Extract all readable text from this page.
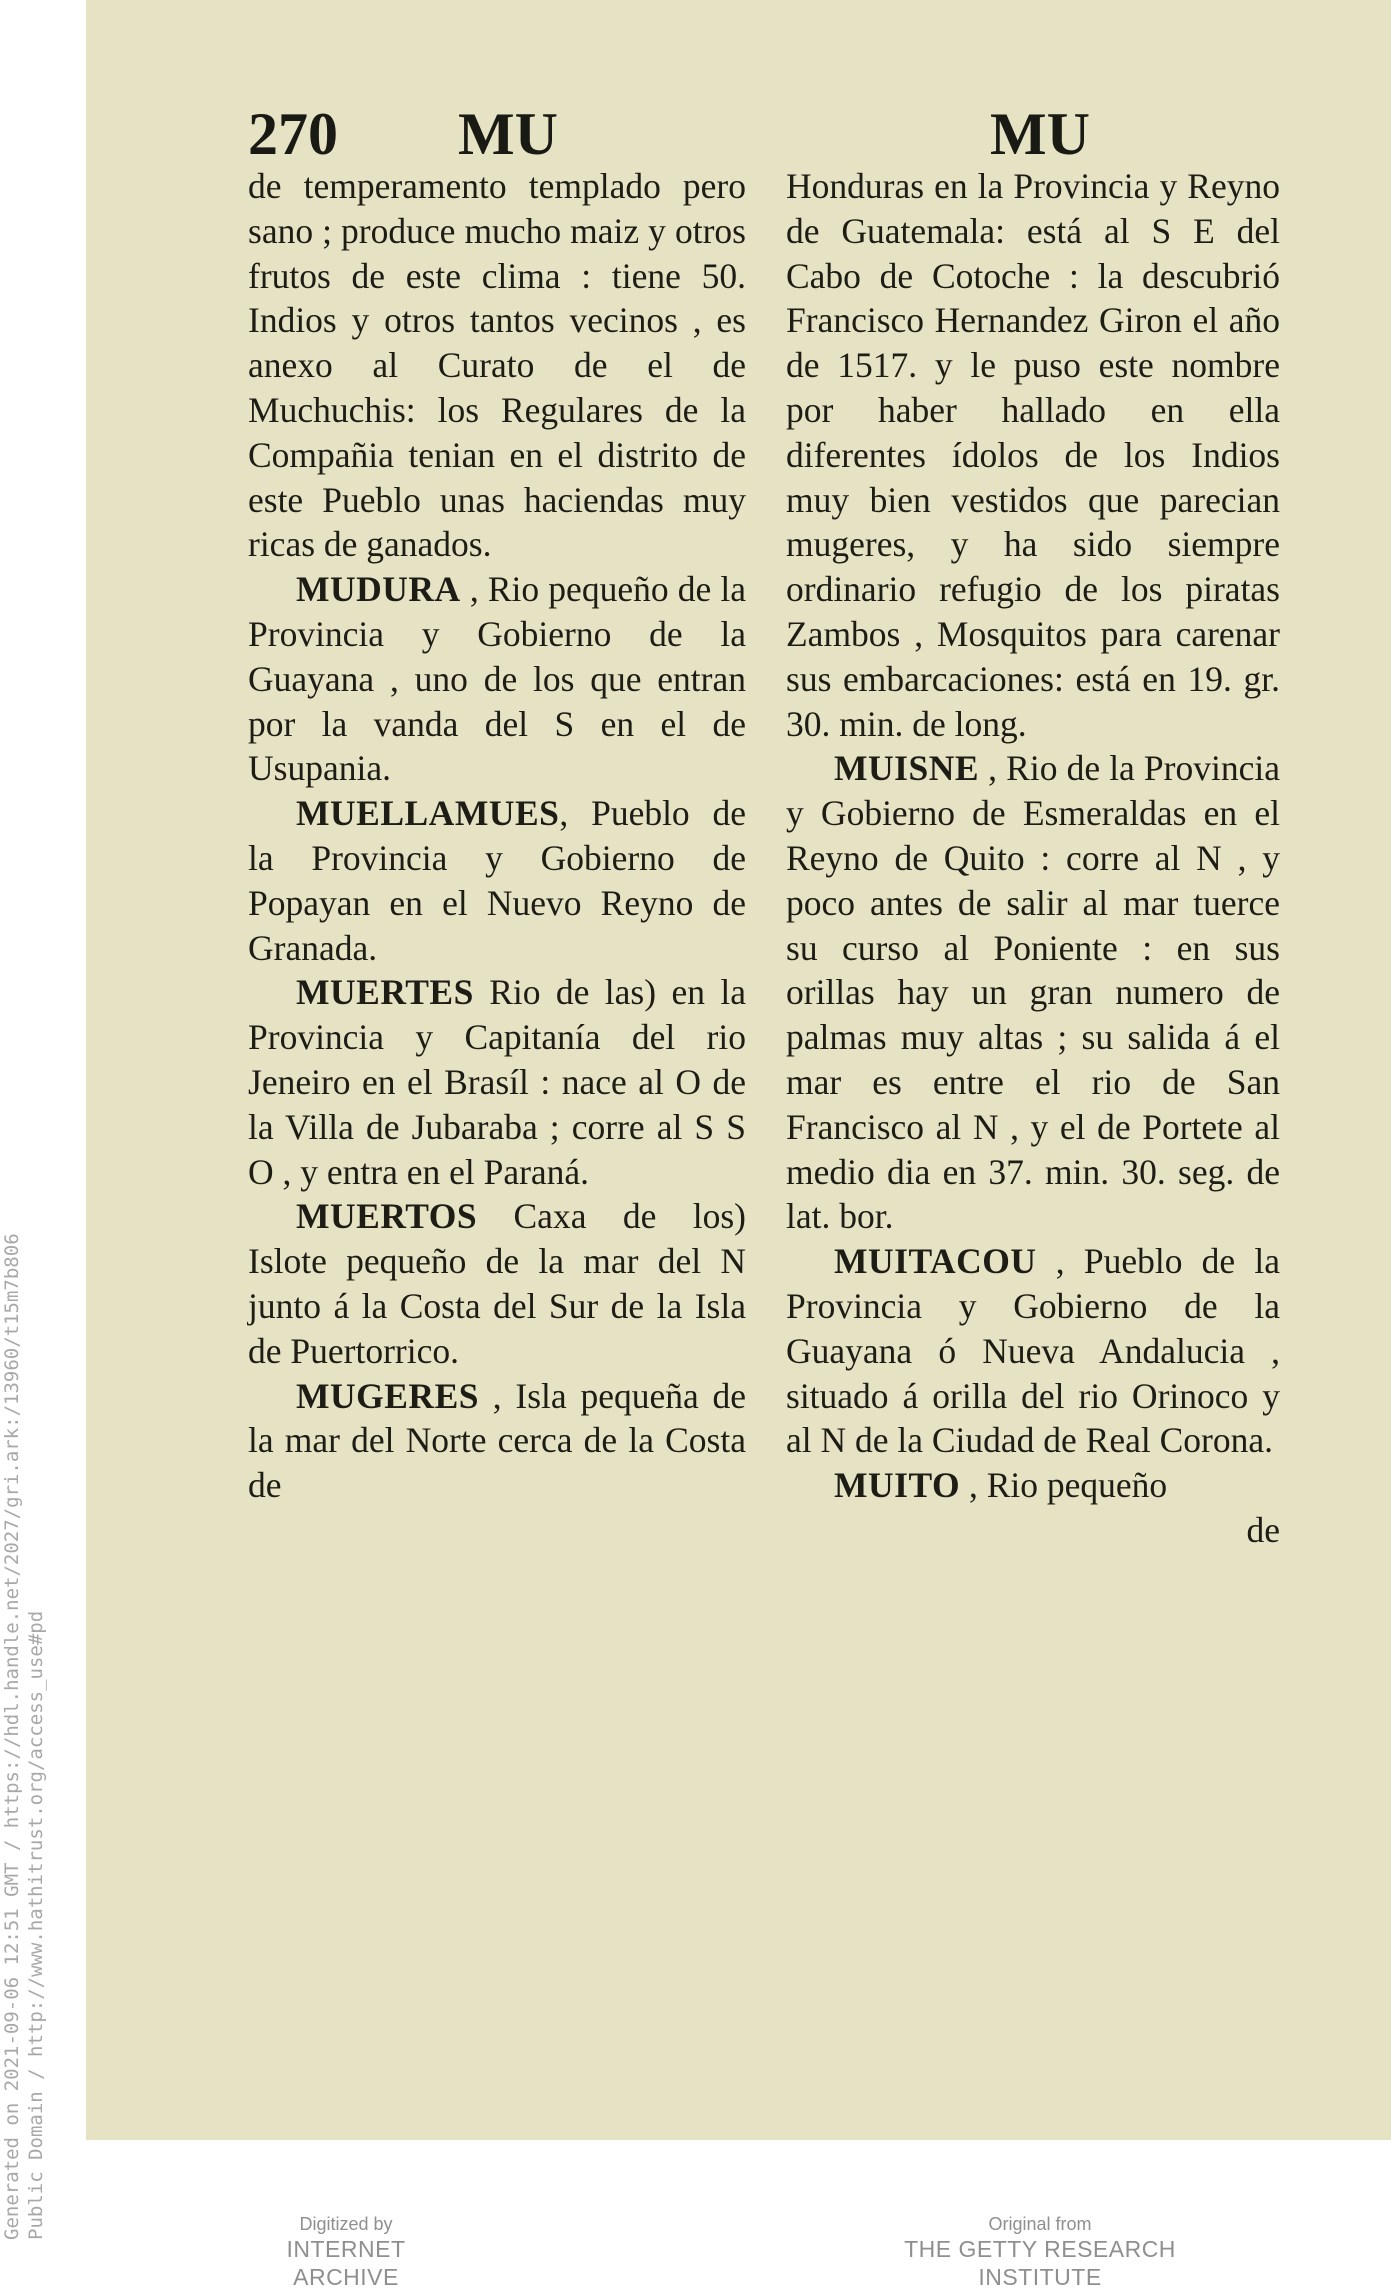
Generated on 2021-09-06 12:51 GMT / https://hdl.handle.net/2027/gri.ark:/13960/t15m7b806 Public Domain / http://www.hathitrust.org/access_use#pd
270 MU	MU

de temperamento templado pero sano ; produce mucho maiz y otros frutos de este clima : tiene 50. Indios y otros tantos vecinos , es anexo al Curato de el de Muchuchis: los Regulares de la Compañia tenian en el distrito de este Pueblo unas haciendas muy ricas de ganados.

MUDURA , Rio pequeño de la Provincia y Gobierno de la Guayana , uno de los que entran por la vanda del S en el de Usupania.

MUELLAMUES, Pueblo de la Provincia y Gobierno de Popayan en el Nuevo Reyno de Granada.

MUERTES Rio de las) en la Provincia y Capitanía del rio Jeneiro en el Brasíl : nace al O de la Villa de Jubaraba ; corre al S S O , y entra en el Paraná.

MUERTOS Caxa de los) Islote pequeño de la mar del N junto á la Costa del Sur de la Isla de Puertorrico.

MUGERES , Isla pequeña de la mar del Norte cerca de la Costa de

Honduras en la Provincia y Reyno de Guatemala: está al S E del Cabo de Cotoche : la descubrió Francisco Hernandez Giron el año de 1517. y le puso este nombre por haber hallado en ella diferentes ídolos de los Indios muy bien vestidos que parecian mugeres, y ha sido siempre ordinario refugio de los piratas Zambos , Mosquitos para carenar sus embarcaciones: está en 19. gr. 30. min. de long.

MUISNE , Rio de la Provincia y Gobierno de Esmeraldas en el Reyno de Quito : corre al N , y poco antes de salir al mar tuerce su curso al Poniente : en sus orillas hay un gran numero de palmas muy altas ; su salida á el mar es entre el rio de San Francisco al N , y el de Portete al medio dia en 37. min. 30. seg. de lat. bor.

MUITACOU , Pueblo de la Provincia y Gobierno de la Guayana ó Nueva Andalucia , situado á orilla del rio Orinoco y al N de la Ciudad de Real Corona.

MUITO , Rio pequeño

de

Digitized by
INTERNET ARCHIVE
Original from
THE GETTY RESEARCH INSTITUTE
